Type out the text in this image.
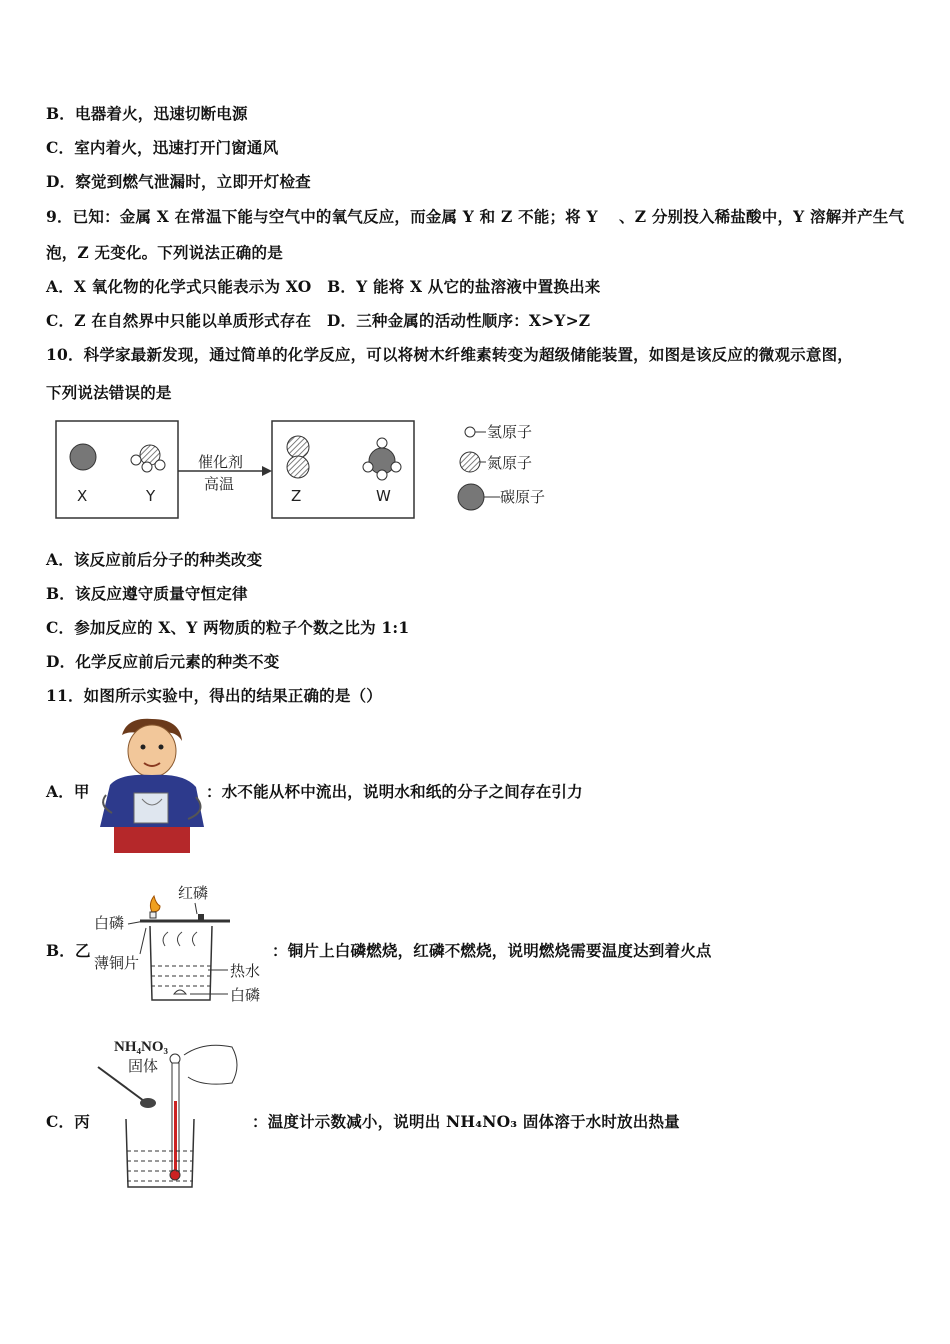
B．电器着火，迅速切断电源
C．室内着火，迅速打开门窗通风
D．察觉到燃气泄漏时，立即开灯检查
9．已知：金属 X 在常温下能与空气中的氧气反应，而金属 Y 和 Z 不能；将 Y 　、Z 分别投入稀盐酸中，Y 溶解并产生气
泡，Z 无变化。下列说法正确的是
A．X 氧化物的化学式只能表示为 XO　B．Y 能将 X 从它的盐溶液中置换出来
C．Z 在自然界中只能以单质形式存在　D．三种金属的活动性顺序：X>Y>Z
10．科学家最新发现，通过简单的化学反应，可以将树木纤维素转变为超级储能装置，如图是该反应的微观示意图，
下列说法错误的是
X	Y
催化剂
高温
Z	W
氢原子
氮原子
碳原子
A．该反应前后分子的种类改变
B．该反应遵守质量守恒定律
C．参加反应的 X、Y 两物质的粒子个数之比为 1:1
D．化学反应前后元素的种类不变
11．如图所示实验中，得出的结果正确的是（）
A．甲	：水不能从杯中流出，说明水和纸的分子之间存在引力
B．乙
红磷
白磷
薄铜片	热水
白磷
：铜片上白磷燃烧，红磷不燃烧，说明燃烧需要温度达到着火点
C．丙
NH₄NO₃
固体
：温度计示数减小，说明出 NH₄NO₃ 固体溶于水时放出热量
